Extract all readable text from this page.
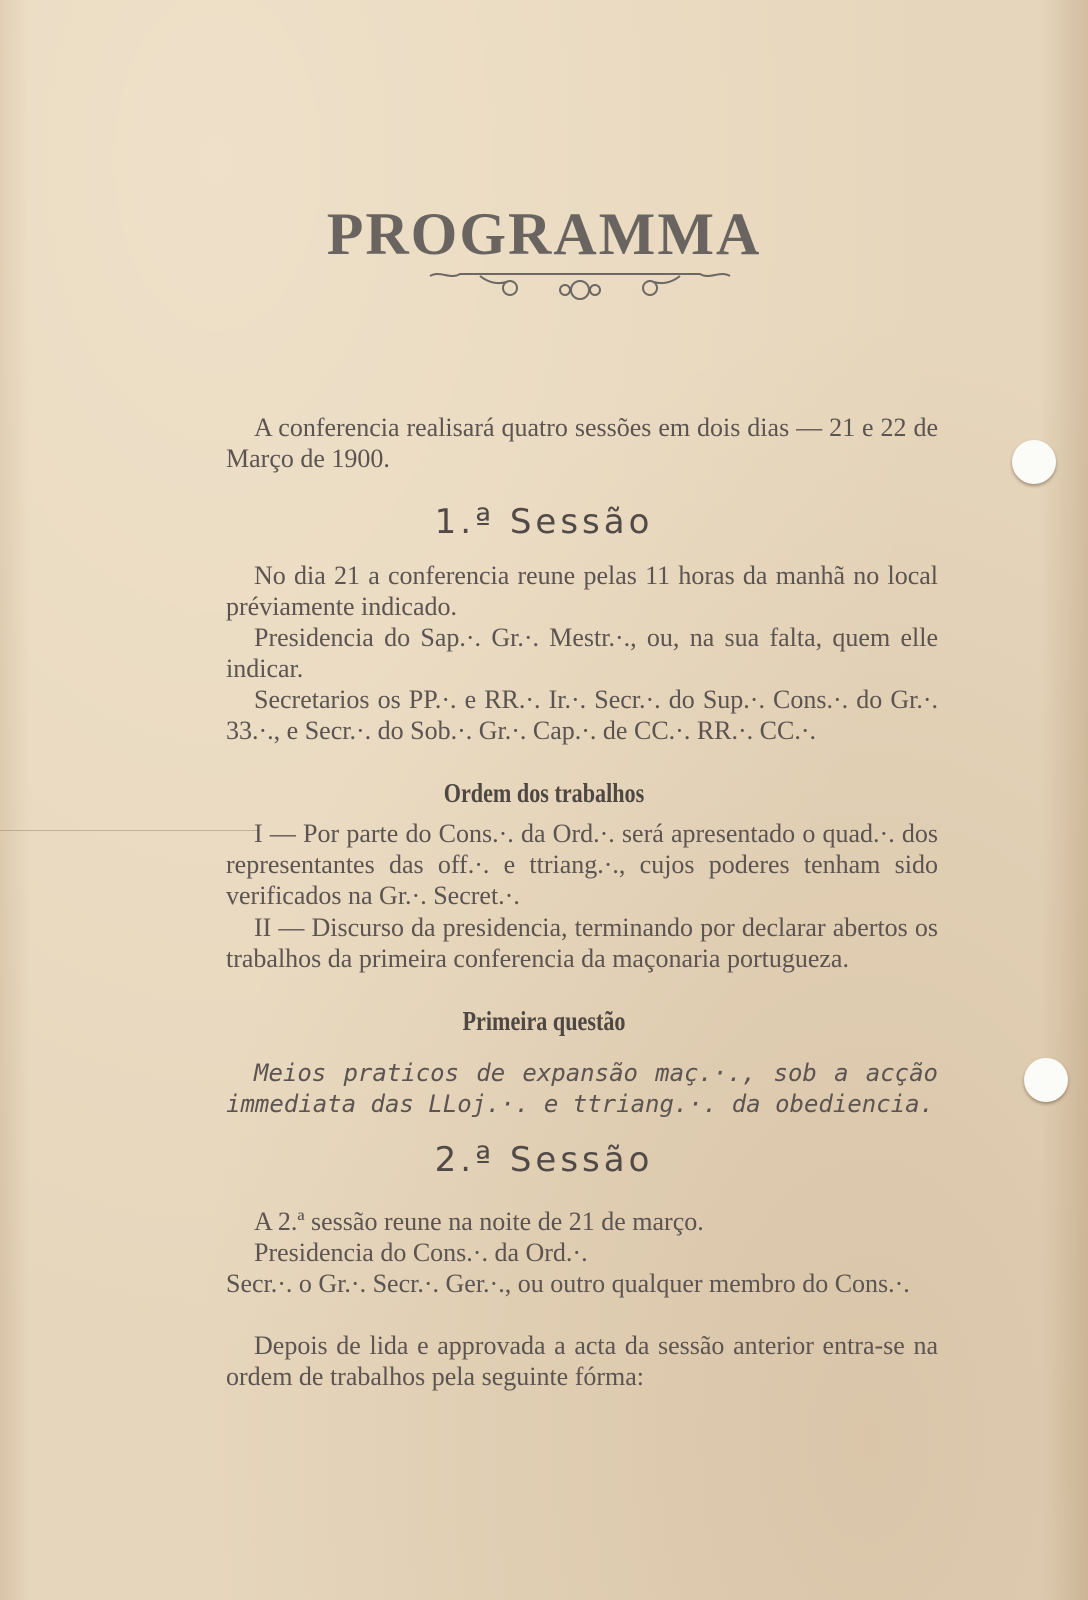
PROGRAMMA
A conferencia realisará quatro sessões em dois dias — 21 e 22 de Março de 1900.
1.ª Sessão
No dia 21 a conferencia reune pelas 11 horas da manhã no local préviamente indicado.
Presidencia do Sap.·. Gr.·. Mestr.·., ou, na sua falta, quem elle indicar.
Secretarios os PP.·. e RR.·. Ir.·. Secr.·. do Sup.·. Cons.·. do Gr.·. 33.·., e Secr.·. do Sob.·. Gr.·. Cap.·. de CC.·. RR.·. CC.·.
Ordem dos trabalhos
I — Por parte do Cons.·. da Ord.·. será apresentado o quad.·. dos representantes das off.·. e ttriang.·., cujos poderes tenham sido verificados na Gr.·. Secret.·.
II — Discurso da presidencia, terminando por declarar abertos os trabalhos da primeira conferencia da maçonaria portugueza.
Primeira questão
Meios praticos de expansão maç.·., sob a acção immediata das LLoj.·. e ttriang.·. da obediencia.
2.ª Sessão
A 2.ª sessão reune na noite de 21 de março.
Presidencia do Cons.·. da Ord.·.
Secr.·. o Gr.·. Secr.·. Ger.·., ou outro qualquer membro do Cons.·.
Depois de lida e approvada a acta da sessão anterior entra-se na ordem de trabalhos pela seguinte fórma:
